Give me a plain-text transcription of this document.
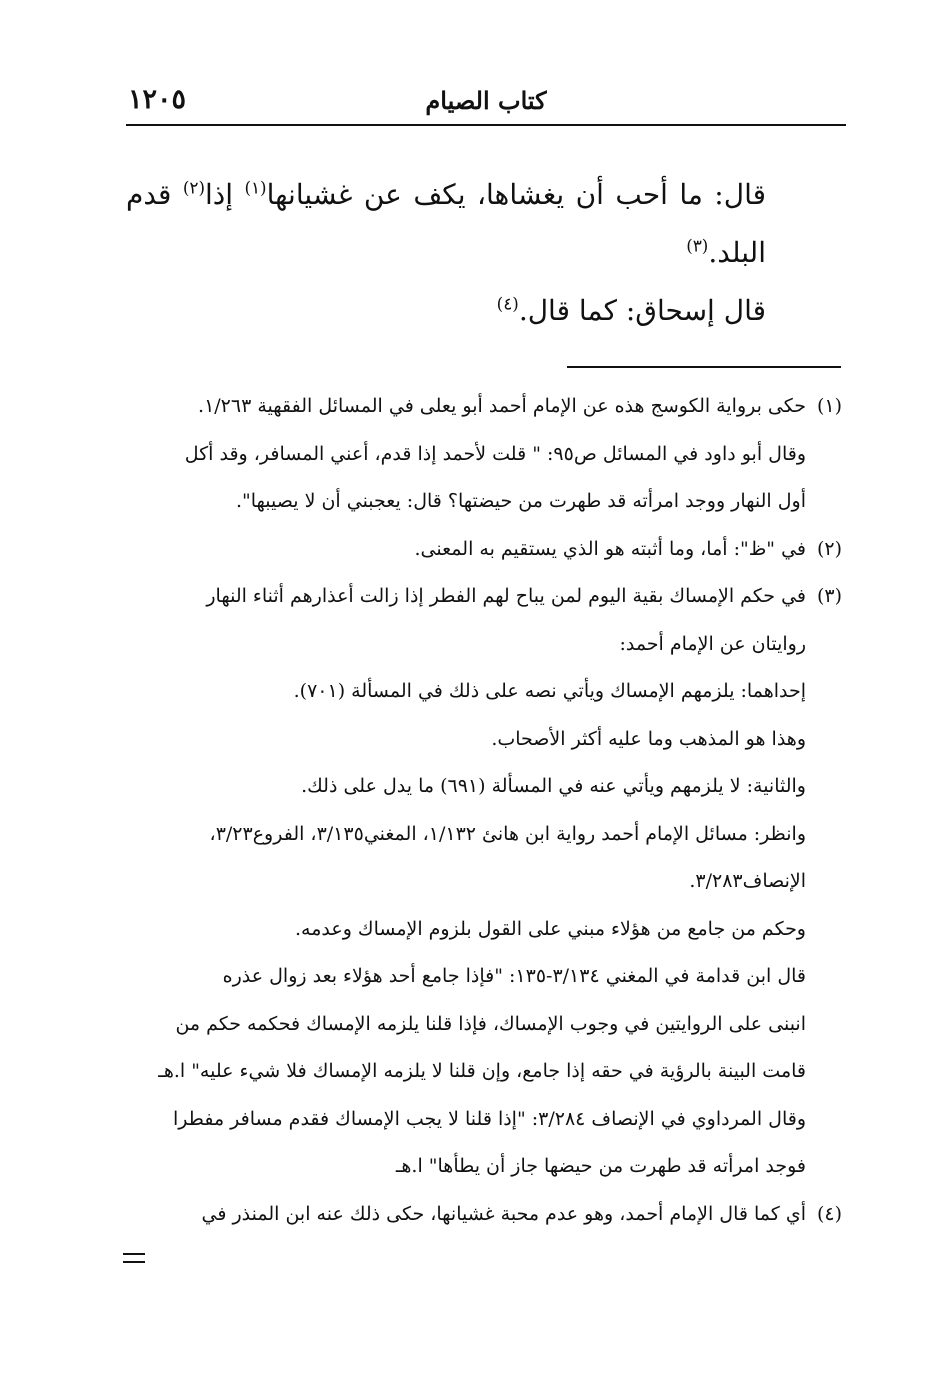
كتاب الصيام
١٢٠٥

قال: ما أحب أن يغشاها، يكف عن غشيانها$^{(١)}$ إذا$^{(٢)}$ قدم البلد.$^{(٣)}$

قال إسحاق: كما قال.$^{(٤)}$

(١)
حكى برواية الكوسج هذه عن الإمام أحمد أبو يعلى في المسائل الفقهية ١/٢٦٣.
وقال أبو داود في المسائل ص٩٥: " قلت لأحمد إذا قدم، أعني المسافر، وقد أكل
أول النهار ووجد امرأته قد طهرت من حيضتها؟ قال: يعجبني أن لا يصيبها".
(٢)
في "ظ": أما، وما أثبته هو الذي يستقيم به المعنى.
(٣)
في حكم الإمساك بقية اليوم لمن يباح لهم الفطر إذا زالت أعذارهم أثناء النهار
روايتان عن الإمام أحمد:
إحداهما: يلزمهم الإمساك ويأتي نصه على ذلك في المسألة (٧٠١).
وهذا هو المذهب وما عليه أكثر الأصحاب.
والثانية: لا يلزمهم ويأتي عنه في المسألة (٦٩١) ما يدل على ذلك.
وانظر: مسائل الإمام أحمد رواية ابن هانئ ١/١٣٢، المغني٣/١٣٥، الفروع٣/٢٣،
الإنصاف٣/٢٨٣.
وحكم من جامع من هؤلاء مبني على القول بلزوم الإمساك وعدمه.
قال ابن قدامة في المغني ٣/١٣٤-١٣٥: "فإذا جامع أحد هؤلاء بعد زوال عذره
انبنى على الروايتين في وجوب الإمساك، فإذا قلنا يلزمه الإمساك فحكمه حكم من
قامت البينة بالرؤية في حقه إذا جامع، وإن قلنا لا يلزمه الإمساك فلا شيء عليه" ا.هـ
وقال المرداوي في الإنصاف ٣/٢٨٤: "إذا قلنا لا يجب الإمساك فقدم مسافر مفطرا
فوجد امرأته قد طهرت من حيضها جاز أن يطأها" ا.هـ
(٤)
أي كما قال الإمام أحمد، وهو عدم محبة غشيانها، حكى ذلك عنه ابن المنذر في
